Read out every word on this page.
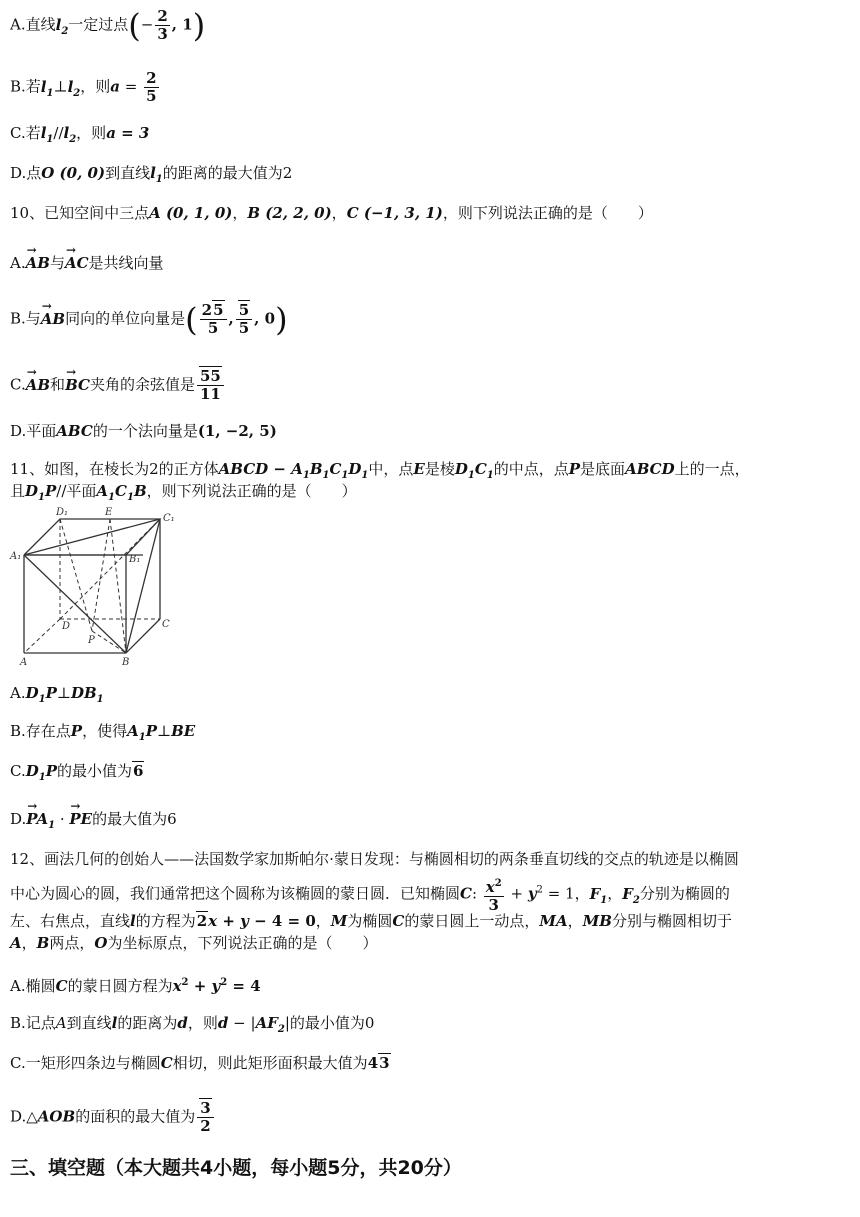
A.直线$l_2$一定过点(− $\frac{2}{3}$ , 1)
B.若$l_1\perp l_2$，则$a = \frac{2}{5}$
C.若$l_1//l_2$，则a = 3
D.点O (0, 0)到直线$l_1$的距离的最大值为2
10、已知空间中三点A (0, 1, 0)，B (2, 2, 0)，C (−1, 3, 1)，则下列说法正确的是（　　）
A.→ AB与→ AC是共线向量
B.与→ AB同向的单位向量是( $\frac{25}{5}$ , $\frac{5}{5}$ , 0)
C.→ AB和→ BC夹角的余弦值是 $\frac{55}{11}$
D.平面ABC的一个法向量是(1, −2, 5)
11、如图，在棱长为2的正方体ABCD − $A_1B_1C_1D_1$中，点E是棱$D_1C_1$的中点，点P是底面ABCD上的一点，
且$D_1P//$平面$A_1C_1B$，则下列说法正确的是（　　）
D₁	E
C₁
A₁	B₁
D
P
C
A	B
$A.D_1P\perp DB_1$
B.存在点P，使得$A_1P\perp BE$
$C.D_1P$的最小值为6
$D.\to PA_1$ · → PE的最大值为6
12、画法几何的创始人——法国数学家加斯帕尔·蒙日发现：与椭圆相切的两条垂直切线的交点的轨迹是以椭圆
中心为圆心的圆，我们通常把这个圆称为该椭圆的蒙日圆．已知椭圆C: $\frac{x^2}{3} + y^2 = 1$，$F_1$，$F_2$分别为椭圆的
左、右焦点，直线l的方程为2x + y − 4 = 0，M为椭圆C的蒙日圆上一动点，MA，MB分别与椭圆相切于
A，B两点，O为坐标原点，下列说法正确的是（　　）
A.椭圆C的蒙日圆方程为$x^2 + y^2 = 4$
B.记点A到直线l的距离为d，则$d - |AF_2|$的最小值为0
C.一矩形四条边与椭圆C相切，则此矩形面积最大值为43
D.△AOB的面积的最大值为 $\frac{3}{2}$
三、填空题（本大题共4小题，每小题5分，共20分）
